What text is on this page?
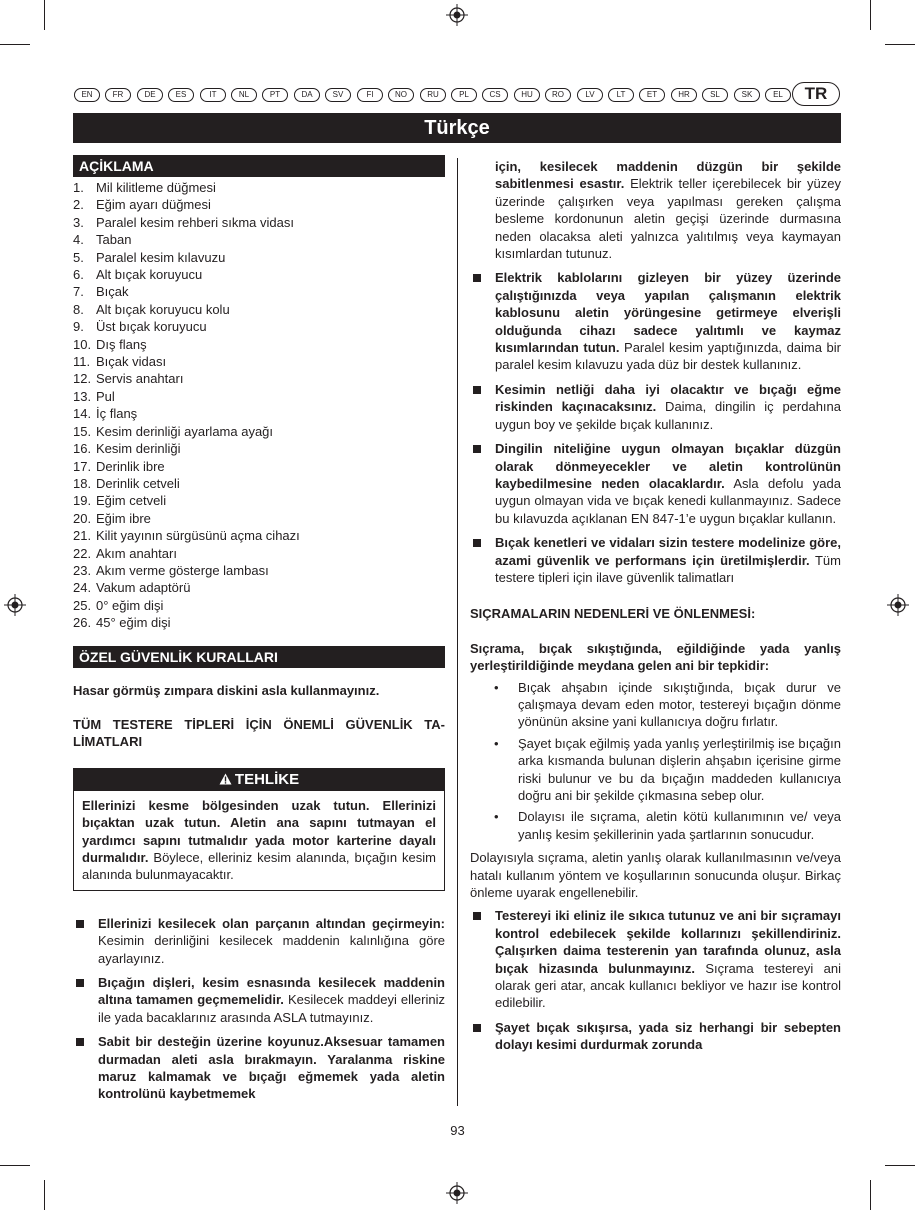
EN	FR	DE	ES	IT	NL	PT	DA	SV	FI	NO	RU	PL	CS	HU	RO	LV	LT	ET	HR	SL	SK	EL	TR
Türkçe
AÇİKLAMA
1. Mil kilitleme düğmesi
2. Eğim ayarı düğmesi
3. Paralel kesim rehberi sıkma vidası
4. Taban
5. Paralel kesim kılavuzu
6. Alt bıçak koruyucu
7. Bıçak
8. Alt bıçak koruyucu kolu
9. Üst bıçak koruyucu
10. Dış flanş
11. Bıçak vidası
12. Servis anahtarı
13. Pul
14. İç flanş
15. Kesim derinliği ayarlama ayağı
16. Kesim derinliği
17. Derinlik ibre
18. Derinlik cetveli
19. Eğim cetveli
20. Eğim ibre
21. Kilit yayının sürgüsünü açma cihazı
22. Akım anahtarı
23. Akım verme gösterge lambası
24. Vakum adaptörü
25. 0° eğim dişi
26. 45° eğim dişi
ÖZEL GÜVENLİK KURALLARI
Hasar görmüş zımpara diskini asla kullanmayınız.
TÜM TESTERE TİPLERİ İÇİN ÖNEMLİ GÜVENLİK TA-LİMATLARI
TEHLİKE
Ellerinizi kesme bölgesinden uzak tutun. Ellerinizi bıçaktan uzak tutun. Aletin ana sapını tutmayan el yardımcı sapını tutmalıdır yada motor karterine dayalı durmalıdır. Böylece, elleriniz kesim alanında, bıçağın kesim alanında bulunmayacaktır.
Ellerinizi kesilecek olan parçanın altından geçirmeyin: Kesimin derinliğini kesilecek maddenin kalınlığına göre ayarlayınız.
Bıçağın dişleri, kesim esnasında kesilecek maddenin altına tamamen geçmemelidir. Kesilecek maddeyi elleriniz ile yada bacaklarınız arasında ASLA tutmayınız.
Sabit bir desteğin üzerine koyunuz.Aksesuar tamamen durmadan aleti asla bırakmayın. Yaralanma riskine maruz kalmamak ve bıçağı eğmemek yada aletin kontrolünü kaybetmemek
için, kesilecek maddenin düzgün bir şekilde sabitlenmesi esastır. Elektrik teller içerebilecek bir yüzey üzerinde çalışırken veya yapılması gereken çalışma besleme kordonunun aletin geçişi üzerinde durmasına neden olacaksa aleti yalnızca yalıtılmış veya kaymayan kısımlardan tutunuz.
Elektrik kablolarını gizleyen bir yüzey üzerinde çalıştığınızda veya yapılan çalışmanın elektrik kablosunu aletin yörüngesine getirmeye elverişli olduğunda cihazı sadece yalıtımlı ve kaymaz kısımlarından tutun. Paralel kesim yaptığınızda, daima bir paralel kesim kılavuzu yada düz bir destek kullanınız.
Kesimin netliği daha iyi olacaktır ve bıçağı eğme riskinden kaçınacaksınız. Daima, dingilin iç perdahına uygun boy ve şekilde bıçak kullanınız.
Dingilin niteliğine uygun olmayan bıçaklar düzgün olarak dönmeyecekler ve aletin kontrolünün kaybedilmesine neden olacaklardır. Asla defolu yada uygun olmayan vida ve bıçak kenedi kullanmayınız. Sadece bu kılavuzda açıklanan EN 847-1’e uygun bıçaklar kullanın.
Bıçak kenetleri ve vidaları sizin testere modelinize göre, azami güvenlik ve performans için üretilmişlerdir. Tüm testere tipleri için ilave güvenlik talimatları
SIÇRAMALARIN NEDENLERİ VE ÖNLENMESİ:
Sıçrama, bıçak sıkıştığında, eğildiğinde yada yanlış yerleştirildiğinde meydana gelen ani bir tepkidir:
• Bıçak ahşabın içinde sıkıştığında, bıçak durur ve çalışmaya devam eden motor, testereyi bıçağın dönme yönünün aksine yani kullanıcıya doğru fırlatır.
• Şayet bıçak eğilmiş yada yanlış yerleştirilmiş ise bıçağın arka kısmanda bulunan dişlerin ahşabın içerisine girme riski bulunur ve bu da bıçağın maddeden kullanıcıya doğru ani bir şekilde çıkmasına sebep olur.
• Dolayısı ile sıçrama, aletin kötü kullanımının ve/ veya yanlış kesim şekillerinin yada şartlarının sonucudur.
Dolayısıyla sıçrama, aletin yanlış olarak kullanılmasının ve/veya hatalı kullanım yöntem ve koşullarının sonucunda oluşur. Birkaç önleme uyarak engellenebilir.
Testereyi iki eliniz ile sıkıca tutunuz ve ani bir sıçramayı kontrol edebilecek şekilde kollarınızı şekillendiriniz. Çalışırken daima testerenin yan tarafında olunuz, asla bıçak hizasında bulunmayınız. Sıçrama testereyi ani olarak geri atar, ancak kullanıcı bekliyor ve hazır ise kontrol edilebilir.
Şayet bıçak sıkışırsa, yada siz herhangi bir sebepten dolayı kesimi durdurmak zorunda
93
